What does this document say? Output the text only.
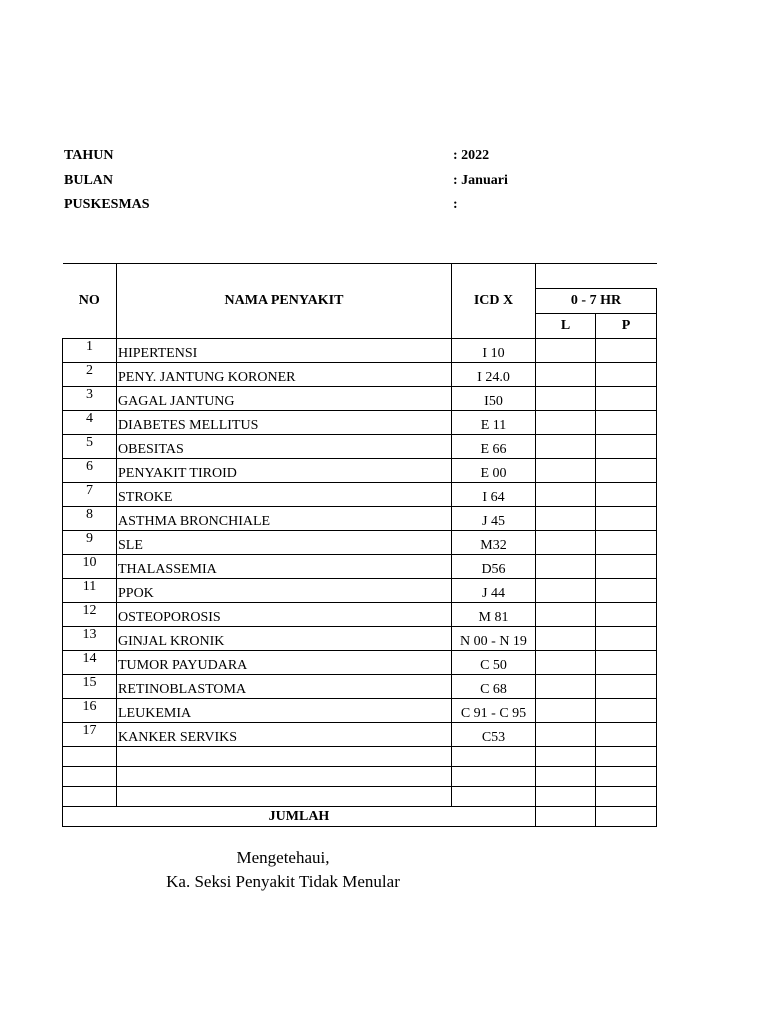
TAHUN	: 2022
BULAN	: Januari
PUSKESMAS	:
NO	NAMA PENYAKIT	ICD X		
			0 - 7 HR	
			L	P
1	HIPERTENSI	I 10		
2	PENY. JANTUNG KORONER	I 24.0		
3	GAGAL JANTUNG	I50		
4	DIABETES MELLITUS	E 11		
5	OBESITAS	E 66		
6	PENYAKIT TIROID	E 00		
7	STROKE	I 64		
8	ASTHMA BRONCHIALE	J 45		
9	SLE	M32		
10	THALASSEMIA	D56		
11	PPOK	J 44		
12	OSTEOPOROSIS	M 81		
13	GINJAL KRONIK	N 00 - N 19		
14	TUMOR PAYUDARA	C 50		
15	RETINOBLASTOMA	C 68		
16	LEUKEMIA	C 91 - C 95		
17	KANKER SERVIKS	C53		

JUMLAH				
Mengetehaui,
Ka. Seksi Penyakit Tidak Menular
